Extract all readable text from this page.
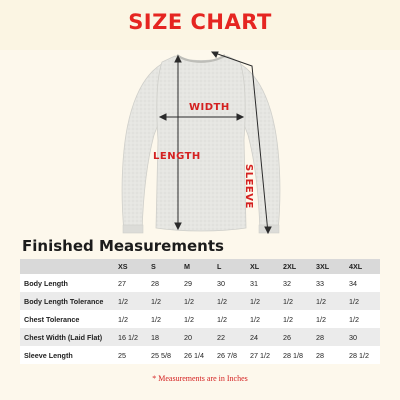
SIZE CHART
WIDTH
LENGTH
SLEEVE
Finished Measurements
	XS	S	M	L	XL	2XL	3XL	4XL
Body Length	27	28	29	30	31	32	33	34
Body Length Tolerance	1/2	1/2	1/2	1/2	1/2	1/2	1/2	1/2
Chest Tolerance	1/2	1/2	1/2	1/2	1/2	1/2	1/2	1/2
Chest Width (Laid Flat)	16 1/2	18	20	22	24	26	28	30
Sleeve Length	25	25 5/8	26 1/4	26 7/8	27 1/2	28 1/8	28	28 1/2
* Measurements are in Inches
